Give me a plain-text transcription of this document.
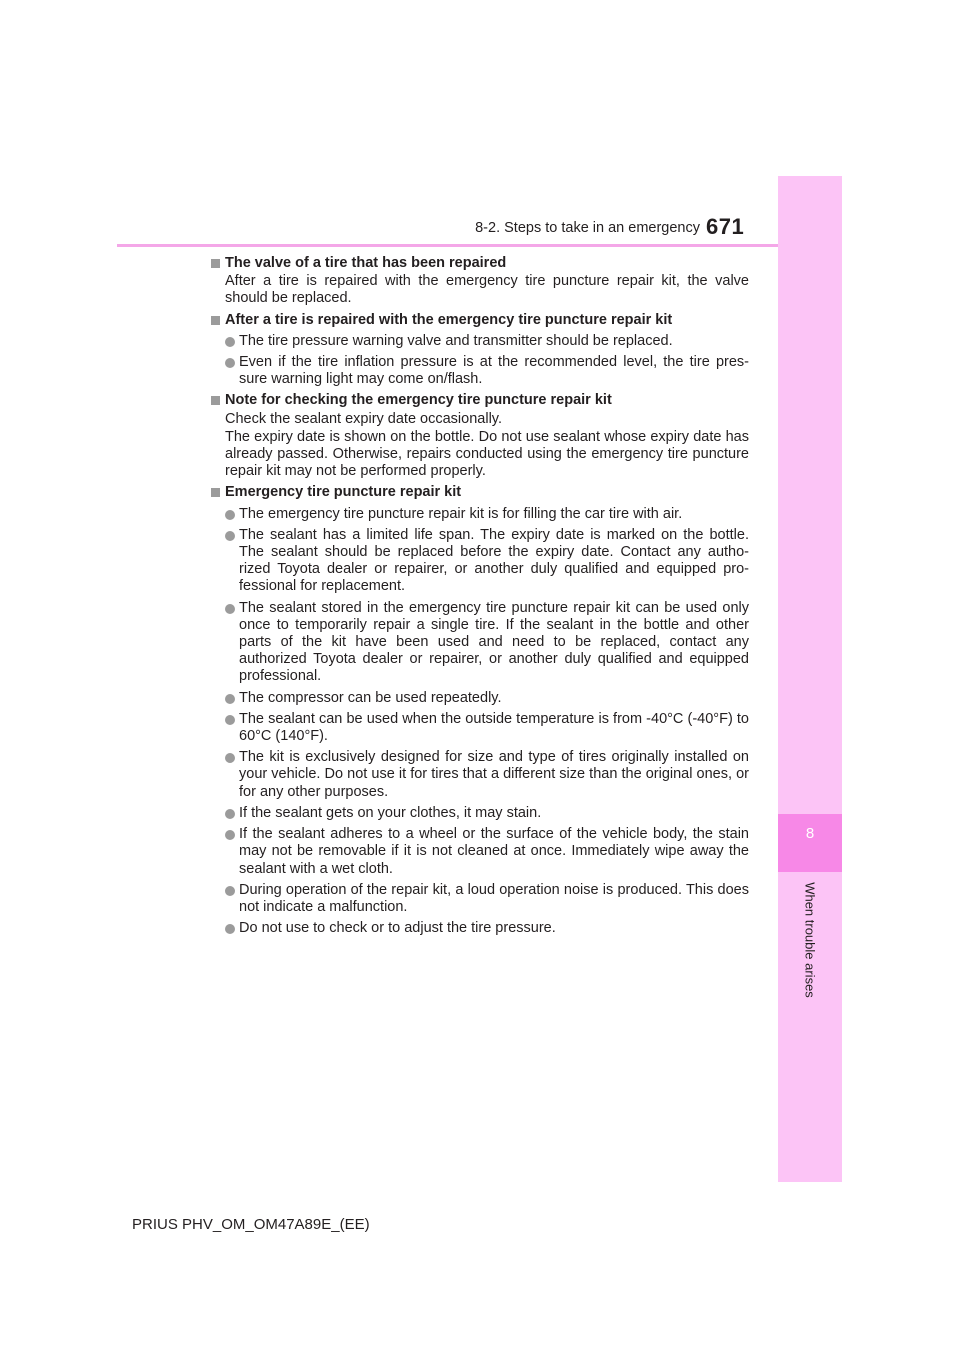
8-2. Steps to take in an emergency 671
8
When trouble arises
The valve of a tire that has been repaired
After a tire is repaired with the emergency tire puncture repair kit, the valve should be replaced.
After a tire is repaired with the emergency tire puncture repair kit
The tire pressure warning valve and transmitter should be replaced.
Even if the tire inflation pressure is at the recommended level, the tire pres- sure warning light may come on/flash.
Note for checking the emergency tire puncture repair kit
Check the sealant expiry date occasionally.
The expiry date is shown on the bottle. Do not use sealant whose expiry date has already passed. Otherwise, repairs conducted using the emergency tire puncture repair kit may not be performed properly.
Emergency tire puncture repair kit
The emergency tire puncture repair kit is for filling the car tire with air.
The sealant has a limited life span. The expiry date is marked on the bottle. The sealant should be replaced before the expiry date. Contact any autho- rized Toyota dealer or repairer, or another duly qualified and equipped pro- fessional for replacement.
The sealant stored in the emergency tire puncture repair kit can be used only once to temporarily repair a single tire. If the sealant in the bottle and other parts of the kit have been used and need to be replaced, contact any authorized Toyota dealer or repairer, or another duly qualified and equipped professional.
The compressor can be used repeatedly.
The sealant can be used when the outside temperature is from -40°C (-40°F) to 60°C (140°F).
The kit is exclusively designed for size and type of tires originally installed on your vehicle. Do not use it for tires that a different size than the original ones, or for any other purposes.
If the sealant gets on your clothes, it may stain.
If the sealant adheres to a wheel or the surface of the vehicle body, the stain may not be removable if it is not cleaned at once. Immediately wipe away the sealant with a wet cloth.
During operation of the repair kit, a loud operation noise is produced. This does not indicate a malfunction.
Do not use to check or to adjust the tire pressure.
PRIUS PHV_OM_OM47A89E_(EE)
